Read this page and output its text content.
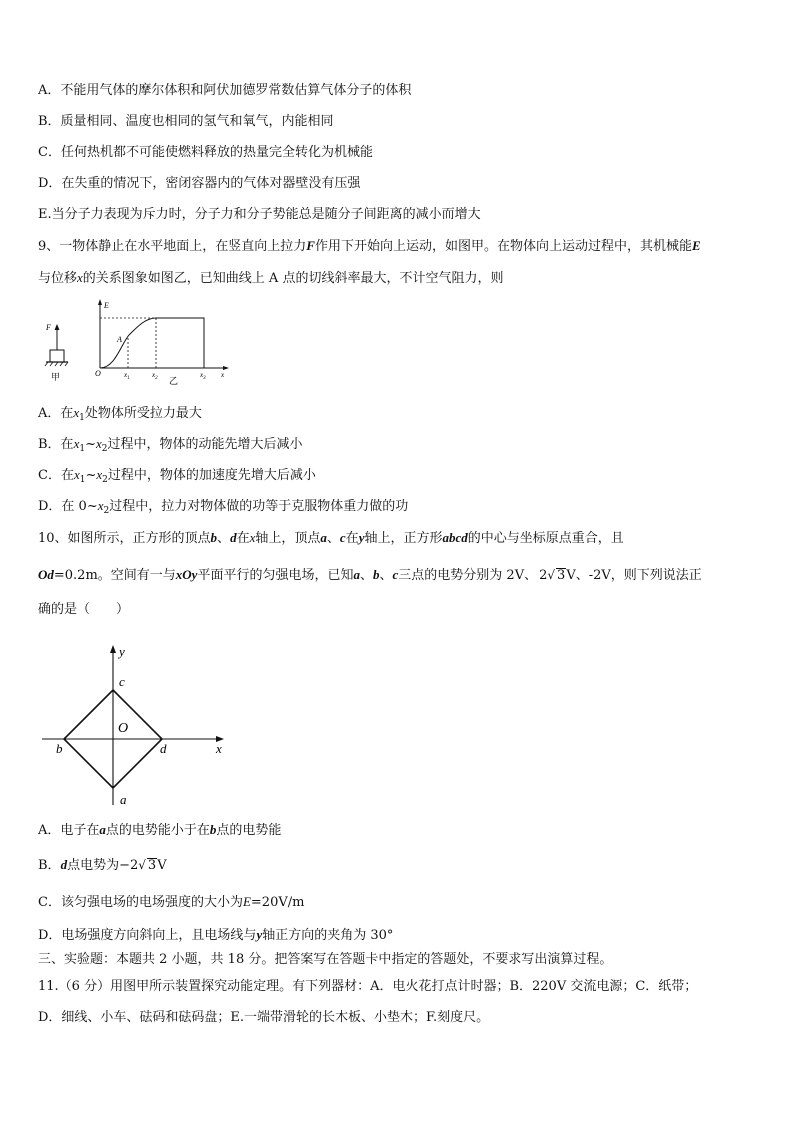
A．不能用气体的摩尔体积和阿伏加德罗常数估算气体分子的体积
B．质量相同、温度也相同的氢气和氧气，内能相同
C．任何热机都不可能使燃料释放的热量完全转化为机械能
D．在失重的情况下，密闭容器内的气体对器壁没有压强
E.当分子力表现为斥力时，分子力和分子势能总是随分子间距离的减小而增大
9、一物体静止在水平地面上，在竖直向上拉力F作用下开始向上运动，如图甲。在物体向上运动过程中，其机械能E
与位移x的关系图象如图乙，已知曲线上 A 点的切线斜率最大，不计空气阻力，则
F
甲
E
O
A
$x_1$	$x_2$	$x_3$ x
乙
A．在$x_1$处物体所受拉力最大
B．在$x_1\sim x_2$过程中，物体的动能先增大后减小
C．在$x_1\sim x_2$过程中，物体的加速度先增大后减小
D．在 $0\sim x_2$过程中，拉力对物体做的功等于克服物体重力做的功
10、如图所示，正方形的顶点b、d在x轴上，顶点a、c在y轴上，正方形abcd的中心与坐标原点重合，且
Od=0.2m。空间有一与xOy平面平行的匀强电场，已知a、b、c三点的电势分别为 2V、 2√ 3V、-2V，则下列说法正
确的是（　　）
y
c
O
b	d	x
a
A．电子在a点的电势能小于在b点的电势能
B．d点电势为−2√ 3V
C．该匀强电场的电场强度的大小为E=20V/m
D．电场强度方向斜向上，且电场线与y轴正方向的夹角为 30°
三、实验题：本题共 2 小题，共 18 分。把答案写在答题卡中指定的答题处，不要求写出演算过程。
11.（6 分）用图甲所示装置探究动能定理。有下列器材：A．电火花打点计时器；B．220V 交流电源；C．纸带；
D．细线、小车、砝码和砝码盘；E.一端带滑轮的长木板、小垫木；F.刻度尺。
